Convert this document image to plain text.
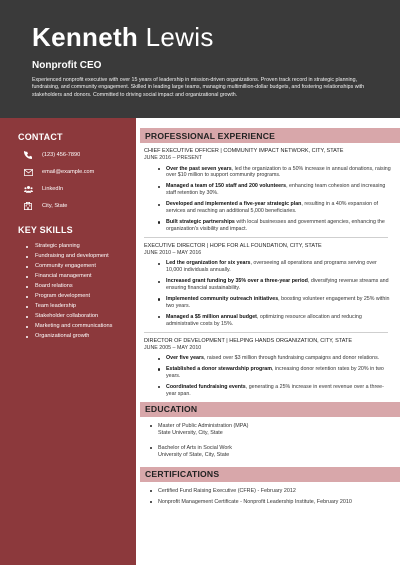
Kenneth Lewis
Nonprofit CEO
Experienced nonprofit executive with over 15 years of leadership in mission-driven organizations. Proven track record in strategic planning, fundraising, and community engagement. Skilled in leading large teams, managing multimillion-dollar budgets, and fostering relationships with stakeholders and donors. Committed to driving social impact and organizational growth.
CONTACT
(123) 456-7890
email@example.com
LinkedIn
City, State
KEY SKILLS
Strategic planning
Fundraising and development
Community engagement
Financial management
Board relations
Program development
Team leadership
Stakeholder collaboration
Marketing and communications
Organizational growth
PROFESSIONAL EXPERIENCE
CHIEF EXECUTIVE OFFICER | COMMUNITY IMPACT NETWORK, CITY, STATE
JUNE 2016 – PRESENT
Over the past seven years, led the organization to a 50% increase in annual donations, raising over $10 million to support community programs.
Managed a team of 150 staff and 200 volunteers, enhancing team cohesion and increasing staff retention by 30%.
Developed and implemented a five-year strategic plan, resulting in a 40% expansion of services and reaching an additional 5,000 beneficiaries.
Built strategic partnerships with local businesses and government agencies, enhancing the organization's visibility and impact.
EXECUTIVE DIRECTOR | HOPE FOR ALL FOUNDATION, CITY, STATE
JUNE 2010 – MAY 2016
Led the organization for six years, overseeing all operations and programs serving over 10,000 individuals annually.
Increased grant funding by 35% over a three-year period, diversifying revenue streams and ensuring financial sustainability.
Implemented community outreach initiatives, boosting volunteer engagement by 25% within two years.
Managed a $5 million annual budget, optimizing resource allocation and reducing administrative costs by 15%.
DIRECTOR OF DEVELOPMENT | HELPING HANDS ORGANIZATION, CITY, STATE
JUNE 2005 – MAY 2010
Over five years, raised over $3 million through fundraising campaigns and donor relations.
Established a donor stewardship program, increasing donor retention rates by 20% in two years.
Coordinated fundraising events, generating a 25% increase in event revenue over a three-year span.
EDUCATION
Master of Public Administration (MPA)
State University, City, State
Bachelor of Arts in Social Work
University of State, City, State
CERTIFICATIONS
Certified Fund Raising Executive (CFRE) - February 2012
Nonprofit Management Certificate - Nonprofit Leadership Institute, February 2010
